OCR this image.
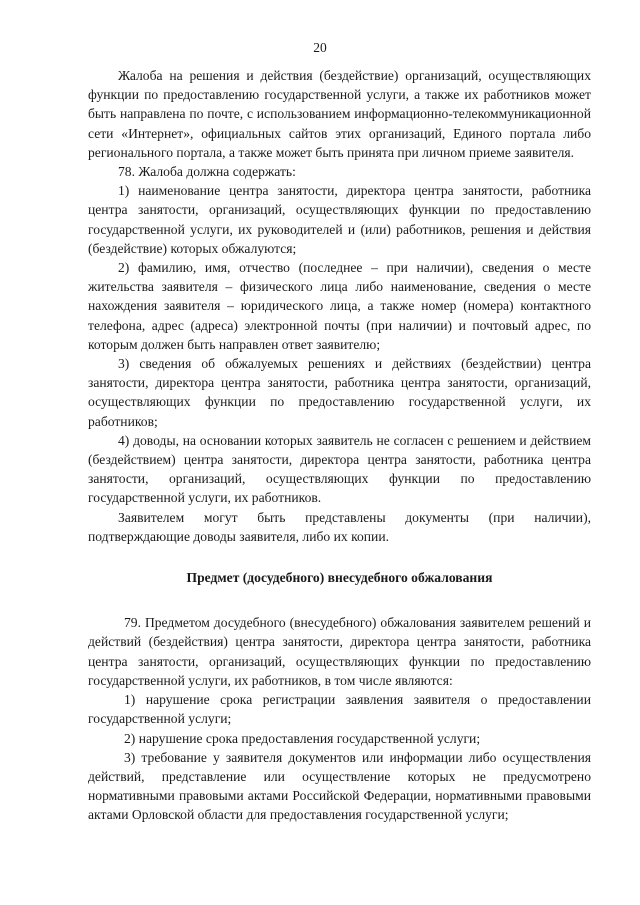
20

Жалоба на решения и действия (бездействие) организаций, осуществляющих функции по предоставлению государственной услуги, а также их работников может быть направлена по почте, с использованием информационно-телекоммуникационной сети «Интернет», официальных сайтов этих организаций, Единого портала либо регионального портала, а также может быть принята при личном приеме заявителя.

78. Жалоба должна содержать:

1) наименование центра занятости, директора центра занятости, работника центра занятости, организаций, осуществляющих функции по предоставлению государственной услуги, их руководителей и (или) работников, решения и действия (бездействие) которых обжалуются;

2) фамилию, имя, отчество (последнее – при наличии), сведения о месте жительства заявителя – физического лица либо наименование, сведения о месте нахождения заявителя – юридического лица, а также номер (номера) контактного телефона, адрес (адреса) электронной почты (при наличии) и почтовый адрес, по которым должен быть направлен ответ заявителю;

3) сведения об обжалуемых решениях и действиях (бездействии) центра занятости, директора центра занятости, работника центра занятости, организаций, осуществляющих функции по предоставлению государственной услуги, их работников;

4) доводы, на основании которых заявитель не согласен с решением и действием (бездействием) центра занятости, директора центра занятости, работника центра занятости, организаций, осуществляющих функции по предоставлению государственной услуги, их работников.

Заявителем могут быть представлены документы (при наличии), подтверждающие доводы заявителя, либо их копии.

Предмет (досудебного) внесудебного обжалования

79. Предметом досудебного (внесудебного) обжалования заявителем решений и действий (бездействия) центра занятости, директора центра занятости, работника центра занятости, организаций, осуществляющих функции по предоставлению государственной услуги, их работников, в том числе являются:

1) нарушение срока регистрации заявления заявителя о предоставлении государственной услуги;

2) нарушение срока предоставления государственной услуги;

3) требование у заявителя документов или информации либо осуществления действий, представление или осуществление которых не предусмотрено нормативными правовыми актами Российской Федерации, нормативными правовыми актами Орловской области для предоставления государственной услуги;
